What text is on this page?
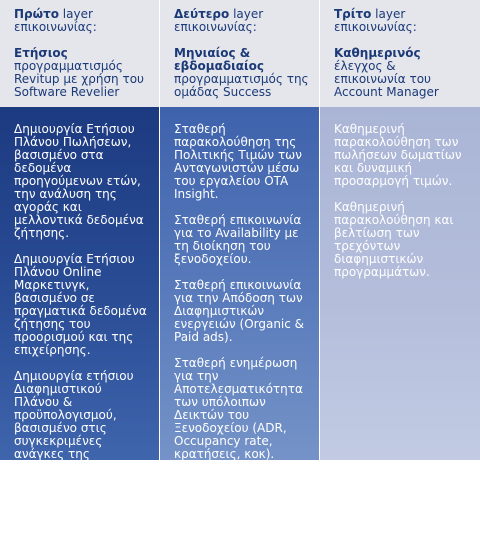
Πρώτο layer επικοινωνίας:
Ετήσιος
προγραμματισμός Revitup με χρήση του Software Revelier
Δεύτερο layer επικοινωνίας:
Μηνιαίος & εβδομαδιαίος
προγραμματισμός της ομάδας Success
Τρίτο layer επικοινωνίας:
Καθημερινός
έλεγχος & επικοινωνία του Account Manager
Δημιουργία Ετήσιου Πλάνου Πωλήσεων, βασισμένο στα δεδομένα προηγούμενων ετών, την ανάλυση της αγοράς και μελλοντικά δεδομένα ζήτησης.
Δημιουργία Ετήσιου Πλάνου Online Μαρκετινγκ, βασισμένο σε πραγματικά δεδομένα ζήτησης του προορισμού και της επιχείρησης.
Δημιουργία ετήσιου Διαφημιστικού Πλάνου & προϋπολογισμού, βασισμένο στις συγκεκριμένες ανάγκες της επιχείρησης και τα κανάλια Google Ads, Facebook Ads και σε διαφημίσεις Tripadvisor και άλλων καναλιών.
Σταθερή παρακολούθηση της Πολιτικής Τιμών των Ανταγωνιστών μέσω του εργαλείου OTA Insight.
Σταθερή επικοινωνία για το Availability με τη διοίκηση του ξενοδοχείου.
Σταθερή επικοινωνία για την Απόδοση των Διαφημιστικών ενεργειών (Organic & Paid ads).
Σταθερή ενημέρωση για την Αποτελεσματικότητα των υπόλοιπων Δεικτών του Ξενοδοχείου (ADR, Occupancy rate, κρατήσεις, κοκ).
Μηνιαία Αποστολή Reports όλων των εργαλείων και παρουσίαση σε προγραμματισμένα meetings
Καθημερινή παρακολούθηση των πωλήσεων δωματίων και δυναμική προσαρμογή τιμών.
Καθημερινή παρακολούθηση και βελτίωση των τρεχόντων διαφημιστικών προγραμμάτων.
